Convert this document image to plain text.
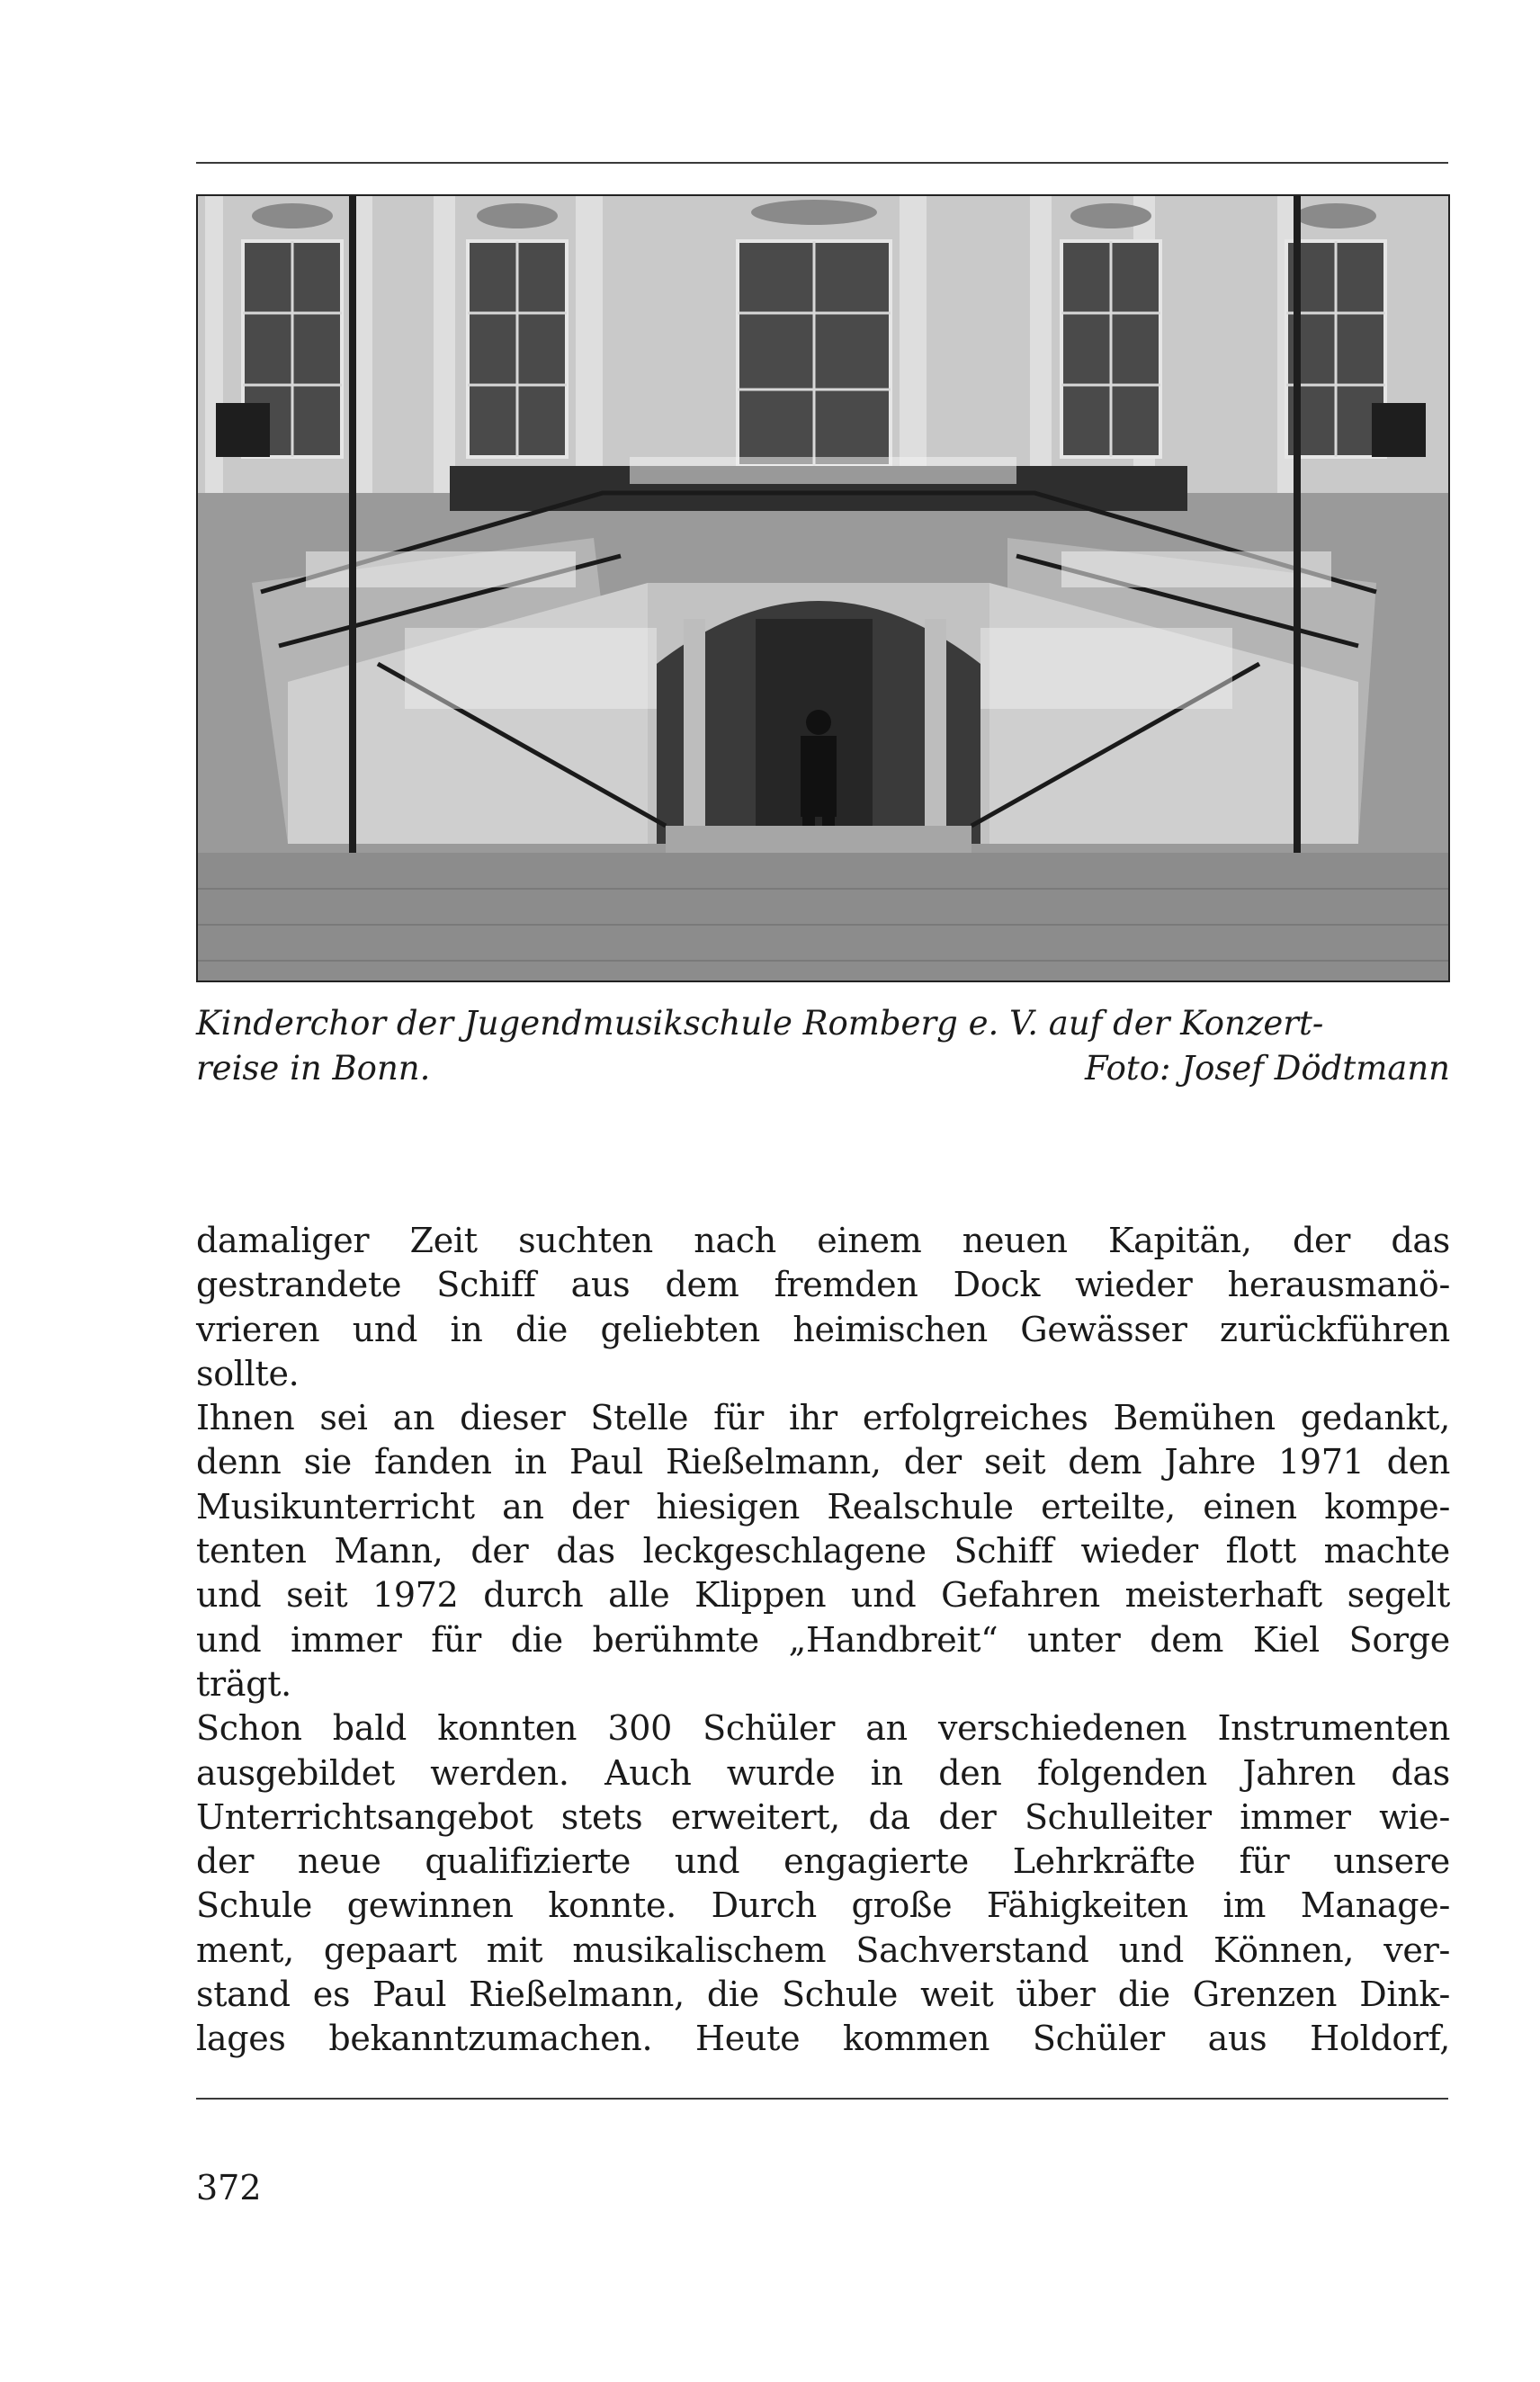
Kinderchor der Jugendmusikschule Romberg e. V. auf der Konzert-
reise in Bonn.	Foto: Josef Dödtmann
damaliger Zeit suchten nach einem neuen Kapitän, der das
gestrandete Schiff aus dem fremden Dock wieder herausmanö-
vrieren und in die geliebten heimischen Gewässer zurückführen
sollte.
Ihnen sei an dieser Stelle für ihr erfolgreiches Bemühen gedankt,
denn sie fanden in Paul Rießelmann, der seit dem Jahre 1971 den
Musikunterricht an der hiesigen Realschule erteilte, einen kompe-
tenten Mann, der das leckgeschlagene Schiff wieder flott machte
und seit 1972 durch alle Klippen und Gefahren meisterhaft segelt
und immer für die berühmte „Handbreit“ unter dem Kiel Sorge
trägt.
Schon bald konnten 300 Schüler an verschiedenen Instrumenten
ausgebildet werden. Auch wurde in den folgenden Jahren das
Unterrichtsangebot stets erweitert, da der Schulleiter immer wie-
der neue qualifizierte und engagierte Lehrkräfte für unsere
Schule gewinnen konnte. Durch große Fähigkeiten im Manage-
ment, gepaart mit musikalischem Sachverstand und Können, ver-
stand es Paul Rießelmann, die Schule weit über die Grenzen Dink-
lages bekanntzumachen. Heute kommen Schüler aus Holdorf,
372
